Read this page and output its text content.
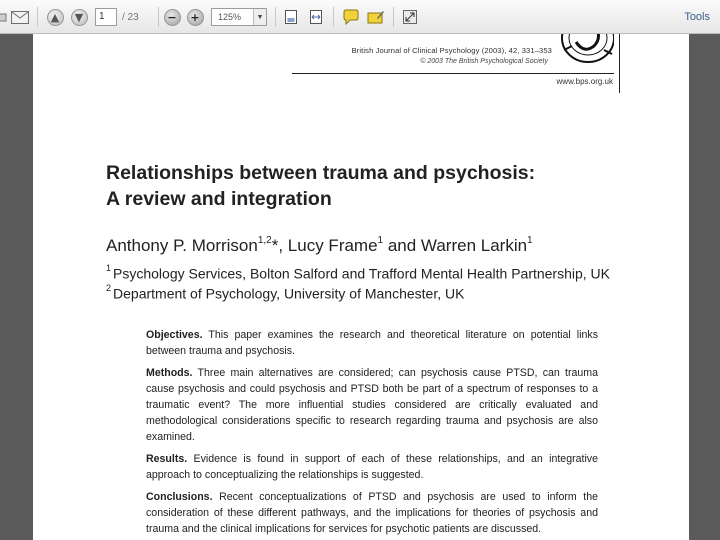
▲	▼	1	/ 23	−	+	125%	▼	Tools
British Journal of Clinical Psychology (2003), 42, 331–353
© 2003 The British Psychological Society
www.bps.org.uk
Relationships between trauma and psychosis:
A review and integration
Anthony P. Morrison$^{1,2}$*, Lucy Frame$^1$ and Warren Larkin$^1$
$^1$ Psychology Services, Bolton Salford and Trafford Mental Health Partnership, UK
$^2$ Department of Psychology, University of Manchester, UK
Objectives. This paper examines the research and theoretical literature on potential links between trauma and psychosis.
Methods. Three main alternatives are considered; can psychosis cause PTSD, can trauma cause psychosis and could psychosis and PTSD both be part of a spectrum of responses to a traumatic event? The more influential studies considered are critically evaluated and methodological considerations specific to research regarding trauma and psychosis are also examined.
Results. Evidence is found in support of each of these relationships, and an integrative approach to conceptualizing the relationships is suggested.
Conclusions. Recent conceptualizations of PTSD and psychosis are used to inform the consideration of these different pathways, and the implications for theories of psychosis and trauma and the clinical implications for services for psychotic patients are discussed.
